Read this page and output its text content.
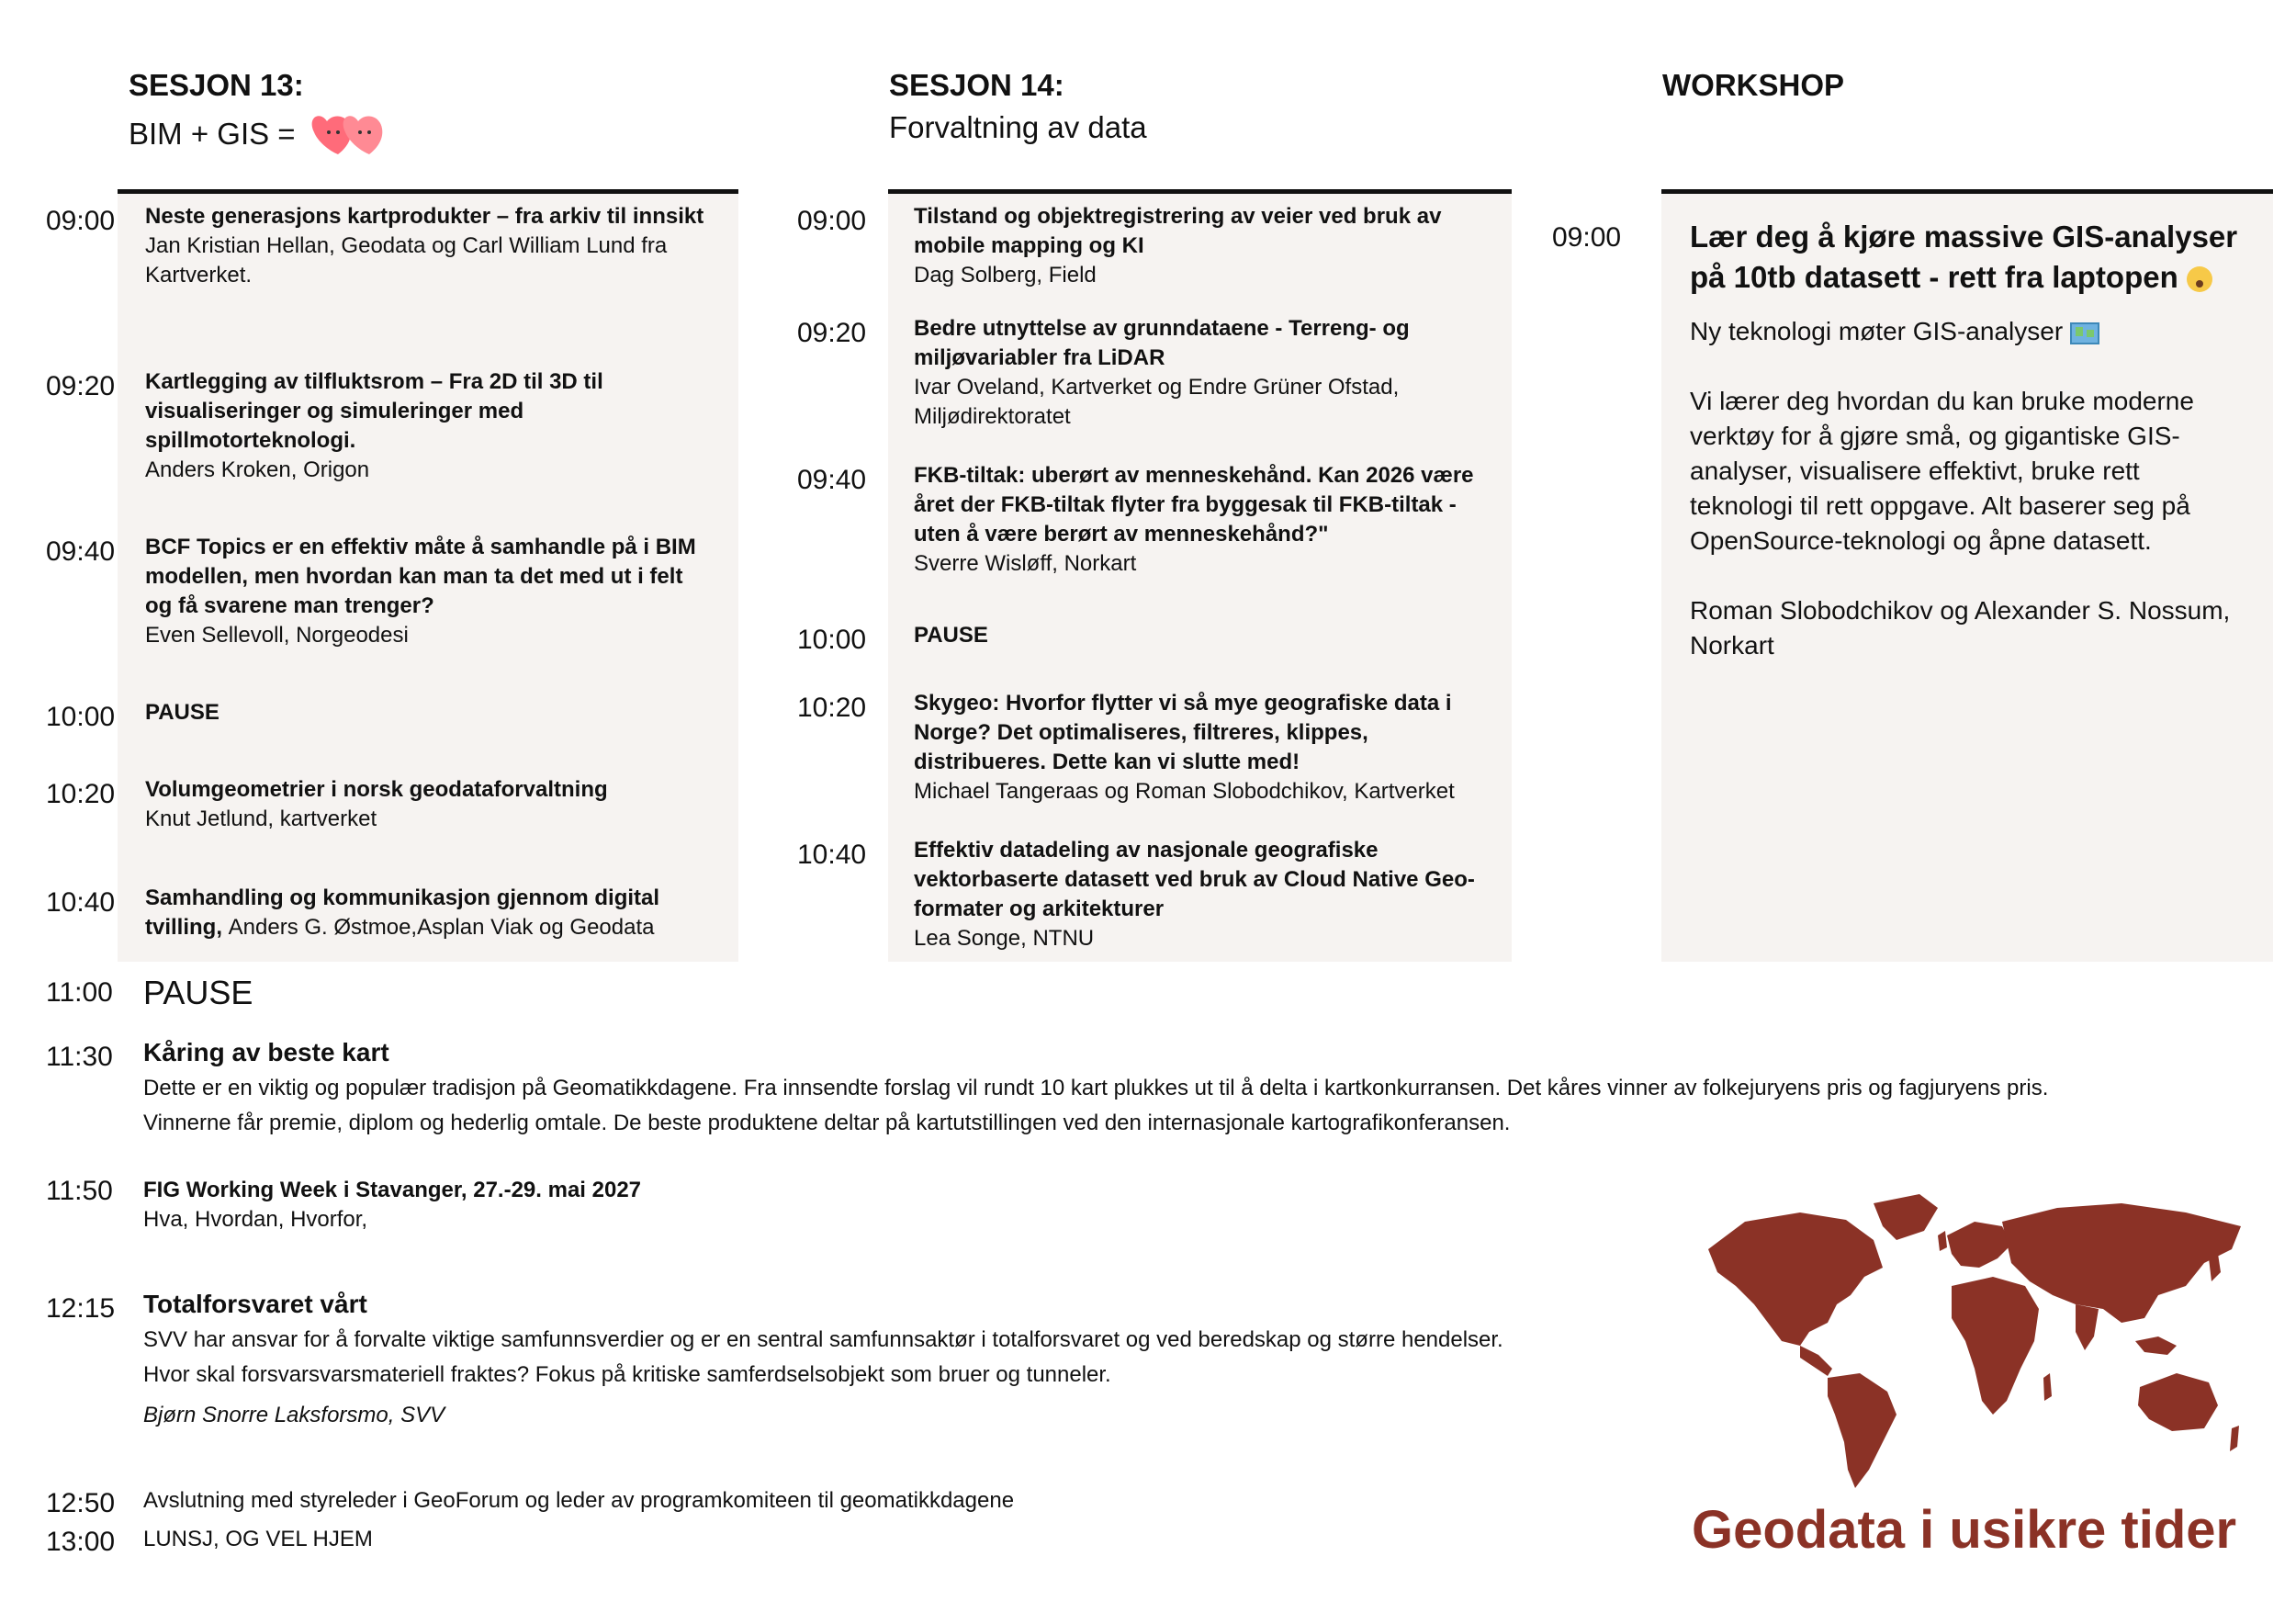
SESJON 13:
BIM + GIS =
SESJON 14:
Forvaltning av data
WORKSHOP
09:00 Neste generasjons kartprodukter – fra arkiv til innsikt
Jan Kristian Hellan, Geodata og Carl William Lund fra Kartverket.
09:20 Kartlegging av tilfluktsrom – Fra 2D til 3D til visualiseringer og simuleringer med spillmotorteknologi.
Anders Kroken, Origon
09:40 BCF Topics er en effektiv måte å samhandle på i BIM modellen, men hvordan kan man ta det med ut i felt og få svarene man trenger?
Even Sellevoll, Norgeodesi
10:00 PAUSE
10:20 Volumgeometrier i norsk geodataforvaltning
Knut Jetlund, kartverket
10:40 Samhandling og kommunikasjon gjennom digital tvilling, Anders G. Østmoe,Asplan Viak og Geodata
09:00 Tilstand og objektregistrering av veier ved bruk av mobile mapping og KI
Dag Solberg, Field
09:20 Bedre utnyttelse av grunndataene - Terreng- og miljøvariabler fra LiDAR
Ivar Oveland, Kartverket og Endre Grüner Ofstad, Miljødirektoratet
09:40 FKB-tiltak: uberørt av menneskehånd. Kan 2026 være året der FKB-tiltak flyter fra byggesak til FKB-tiltak - uten å være berørt av menneskehånd?"
Sverre Wisløff, Norkart
10:00 PAUSE
10:20 Skygeo: Hvorfor flytter vi så mye geografiske data i Norge? Det optimaliseres, filtreres, klippes, distribueres. Dette kan vi slutte med!
Michael Tangeraas og Roman Slobodchikov, Kartverket
10:40 Effektiv datadeling av nasjonale geografiske vektorbaserte datasett ved bruk av Cloud Native Geo-formater og arkitekturer
Lea Songe, NTNU
09:00 Lær deg å kjøre massive GIS-analyser på 10tb datasett - rett fra laptopen
Ny teknologi møter GIS-analyser
Vi lærer deg hvordan du kan bruke moderne verktøy for å gjøre små, og gigantiske GIS-analyser, visualisere effektivt, bruke rett teknologi til rett oppgave. Alt baserer seg på OpenSource-teknologi og åpne datasett.
Roman Slobodchikov og Alexander S. Nossum, Norkart
11:00 PAUSE
11:30 Kåring av beste kart
Dette er en viktig og populær tradisjon på Geomatikkdagene. Fra innsendte forslag vil rundt 10 kart plukkes ut til å delta i kartkonkurransen. Det kåres vinner av folkejuryens pris og fagjuryens pris.
Vinnerne får premie, diplom og hederlig omtale. De beste produktene deltar på kartutstillingen ved den internasjonale kartografikonferansen.
11:50 FIG Working Week i Stavanger, 27.-29. mai 2027
Hva, Hvordan, Hvorfor,
12:15 Totalforsvaret vårt
SVV har ansvar for å forvalte viktige samfunnsverdier og er en sentral samfunnsaktør i totalforsvaret og ved beredskap og større hendelser.
Hvor skal forsvarsvarsmateriell fraktes? Fokus på kritiske samferdselsobjekt som bruer og tunneler.
Bjørn Snorre Laksforsmo, SVV
12:50 Avslutning med styreleder i GeoForum og leder av programkomiteen til geomatikkdagene
13:00 LUNSJ, OG VEL HJEM	Geodata i usikre tider
